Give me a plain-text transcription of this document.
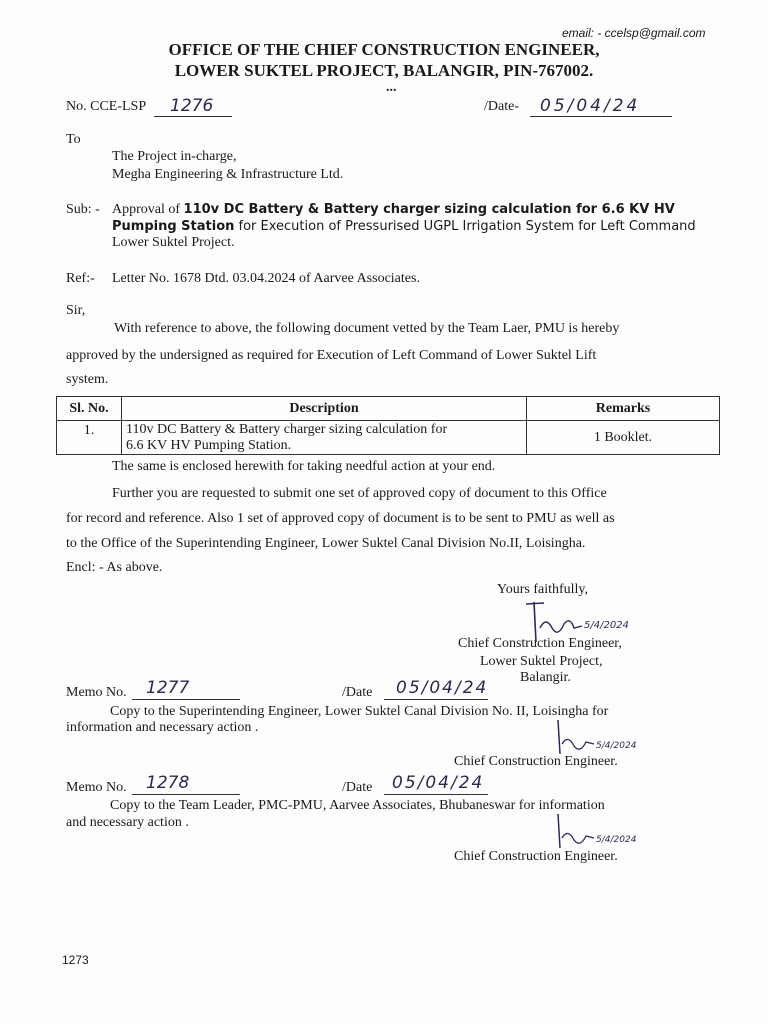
email: - ccelsp@gmail.com
OFFICE OF THE CHIEF CONSTRUCTION ENGINEER,
LOWER SUKTEL PROJECT, BALANGIR, PIN-767002.
...
No. CCE-LSP 1276	/Date- 05/04/24
To
The Project in-charge,
Megha Engineering & Infrastructure Ltd.
Sub: - Approval of 110v DC Battery & Battery charger sizing calculation for 6.6 KV HV
Pumping Station for Execution of Pressurised UGPL Irrigation System for Left Command
Lower Suktel Project.
Ref:- Letter No. 1678 Dtd. 03.04.2024 of Aarvee Associates.
Sir,
With reference to above, the following document vetted by the Team Laer, PMU is hereby
approved by the undersigned as required for Execution of Left Command of Lower Suktel Lift
system.
Sl. No.	Description	Remarks
1.	110v DC Battery & Battery charger sizing calculation for
6.6 KV HV Pumping Station.	1 Booklet.
The same is enclosed herewith for taking needful action at your end.
Further you are requested to submit one set of approved copy of document to this Office
for record and reference. Also 1 set of approved copy of document is to be sent to PMU as well as
to the Office of the Superintending Engineer, Lower Suktel Canal Division No.II, Loisingha.
Encl: - As above.
Yours faithfully,
5/4/2024
Chief Construction Engineer,
Lower Suktel Project,
Balangir.
Memo No. 1277	/Date 05/04/24
Copy to the Superintending Engineer, Lower Suktel Canal Division No. II, Loisingha for
information and necessary action .
5/4/2024
Chief Construction Engineer.
Memo No. 1278	/Date 05/04/24
Copy to the Team Leader, PMC-PMU, Aarvee Associates, Bhubaneswar for information
and necessary action .
5/4/2024
Chief Construction Engineer.
1273
